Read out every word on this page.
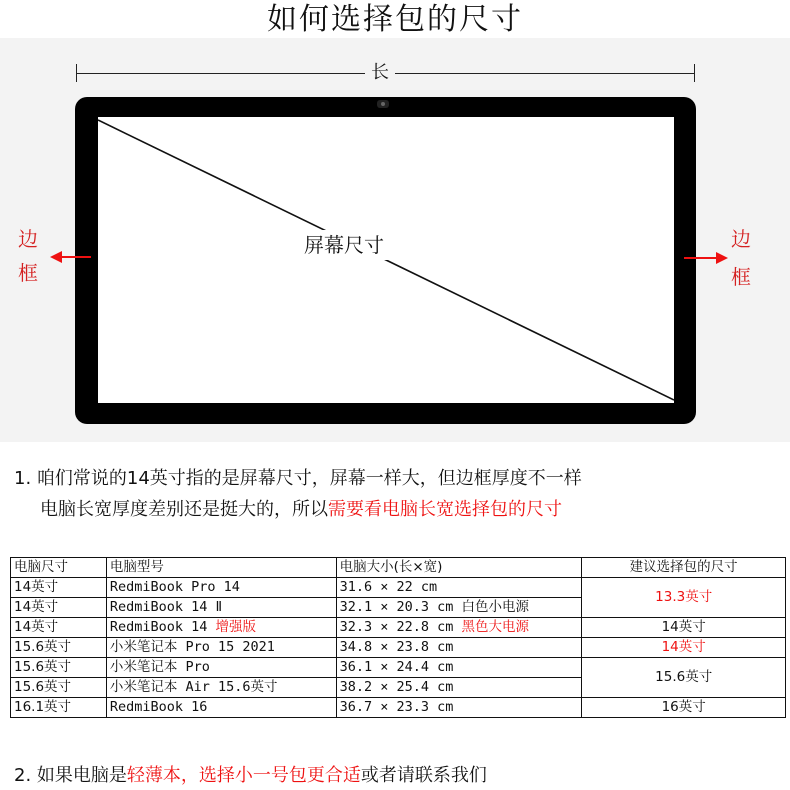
如何选择包的尺寸
长
屏幕尺寸
边
框
边
框
1. 咱们常说的14英寸指的是屏幕尺寸，屏幕一样大，但边框厚度不一样
电脑长宽厚度差别还是挺大的，所以需要看电脑长宽选择包的尺寸
电脑尺寸	电脑型号	电脑大小(长×宽)	建议选择包的尺寸
14英寸	RedmiBook Pro 14	31.6 × 22 cm	13.3英寸
14英寸	RedmiBook 14 Ⅱ	32.1 × 20.3 cm 白色小电源	
14英寸	RedmiBook 14 增强版	32.3 × 22.8 cm 黑色大电源	14英寸
15.6英寸	小米笔记本 Pro 15 2021	34.8 × 23.8 cm	14英寸
15.6英寸	小米笔记本 Pro	36.1 × 24.4 cm	15.6英寸
15.6英寸	小米笔记本 Air 15.6英寸	38.2 × 25.4 cm	
16.1英寸	RedmiBook 16	36.7 × 23.3 cm	16英寸
2. 如果电脑是轻薄本，选择小一号包更合适或者请联系我们
